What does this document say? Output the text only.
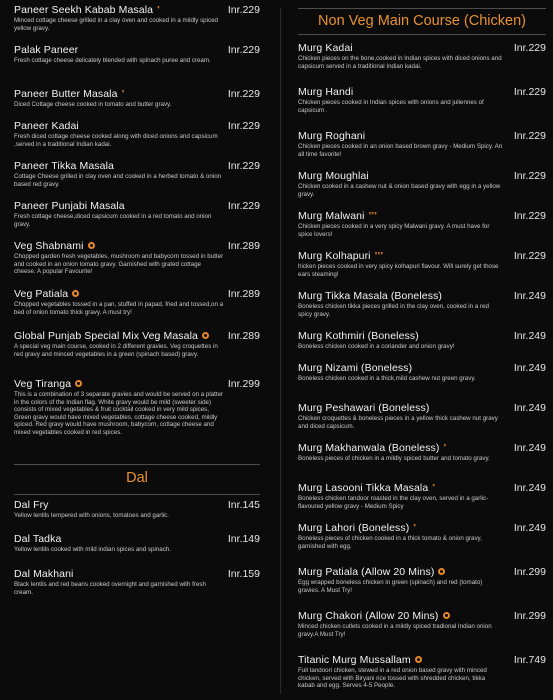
Paneer Seekh Kabab Masala ❜	Inr.229
Minced cottage cheese grilled in a clay oven and cooked in a mildly spiced yellow gravy.
Palak Paneer	Inr.229
Fresh cottage cheese delicately blended with spinach puree and cream.
Paneer Butter Masala ❜	Inr.229
Diced Cottage cheese cooked in tomato and butter gravy.
Paneer Kadai	Inr.229
Fresh diced cottage cheese cooked along with diced onions and capsicum ,served in a traditional Indian kadai.
Paneer Tikka Masala	Inr.229
Cottage Cheese grilled in clay oven and cooked in a herbed tomato & onion based red gravy.
Paneer Punjabi Masala	Inr.229
Fresh cottage cheese,diced capsicum cooked in a red tomato and onion gravy.
Veg Shabnami	Inr.289
Chopped garden fresh vegetables, mushroom and babycorn tossed in butter and cooked in an onion tomato gravy. Garnished with grated cottage cheese. A popular Favourite!
Veg Patiala	Inr.289
Chopped vegetables tossed in a pan, stuffed in papad, fried and tossed,on a bed of onion tomato thick gravy. A must try!
Global Punjab Special Mix Veg Masala	Inr.289
A special veg main course, cooked in 2 different gravies. Veg croquettes in red gravy and minced vegetables in a green (spinach based) gravy.
Veg Tiranga	Inr.299
This is a combination of 3 separate gravies and would be served on a platter in the colors of the Indian flag. White gravy would be mild (sweeter side) consists of mixed vegetables & fruit cocktail cooked in very mild spices, Green gravy would have mixed vegetables, cottage cheese cooked, mildly spiced. Red gravy would have mushroom, babycorn, cottage cheese and mixed vegetables cooked in red spices.
Dal
Dal Fry	Inr.145
Yellow lentils tempered with onions, tomatoes and garlic.
Dal Tadka	Inr.149
Yellow lentils cooked with mild indian spices and spinach.
Dal Makhani	Inr.159
Black lentils and red beans cooked overnight and garnished with fresh cream.
Non Veg Main Course (Chicken)
Murg Kadai	Inr.229
Chicken pieces on the bone,cooked in Indian spices with diced onions and capsicum served in a traditional Indian kadai.
Murg Handi	Inr.229
Chicken pieces cooked in Indian spices with onions and juliennes of capsicum .
Murg Roghani	Inr.229
Chicken pieces cooked in an onion based brown gravy - Medium Spicy. An all time favorite!
Murg Moughlai	Inr.229
Chicken cooked in a cashew nut & onion based gravy with egg in a yellow gravy.
Murg Malwani ❜❜❜	Inr.229
Chicken pieces cooked in a very spicy Malwani gravy. A must have for spice lovers!
Murg Kolhapuri ❜❜❜	Inr.229
hicken pieces cooked in very spicy kolhapuri flavour. Will surely get those ears steaming!
Murg Tikka Masala (Boneless)	Inr.249
Boneless chicken tikka pieces grilled in the clay oven, cooked in a red spicy gravy.
Murg Kothmiri (Boneless)	Inr.249
Boneless chicken cooked in a coriander and onion gravy!
Murg Nizami (Boneless)	Inr.249
Boneless chicken cooked in a thick,mild cashew nut green gravy.
Murg Peshawari (Boneless)	Inr.249
Chicken croquettes & boneless pieces in a yellow thick cashew nut gravy and diced capsicum.
Murg Makhanwala (Boneless) ❜	Inr.249
Boneless pieces of chicken in a mildly spiced butter and tomato gravy.
Murg Lasooni Tikka Masala ❜	Inr.249
Boneless chicken tandoor roasted in the clay oven, served in a garlic-flavoured yellow gravy - Medium Spicy
Murg Lahori (Boneless) ❜	Inr.249
Boneless pieces of chicken cooked in a thick tomato & onion gravy, garnished with egg.
Murg Patiala (Allow 20 Mins)	Inr.299
Egg wrapped boneless chicken in green (spinach) and red (tomato) gravies. A Must Try!
Murg Chakori (Allow 20 Mins)	Inr.299
Minced chicken cutlets cooked in a mildly spiced tradional Indian onion gravy.A Must Try!
Titanic Murg Mussallam	Inr.749
Full tandoori chicken, stewed in a red onion based gravy with minced chicken, served with Biryani rice tossed with shredded chicken, tikka kabab and egg. Serves 4-5 People.
